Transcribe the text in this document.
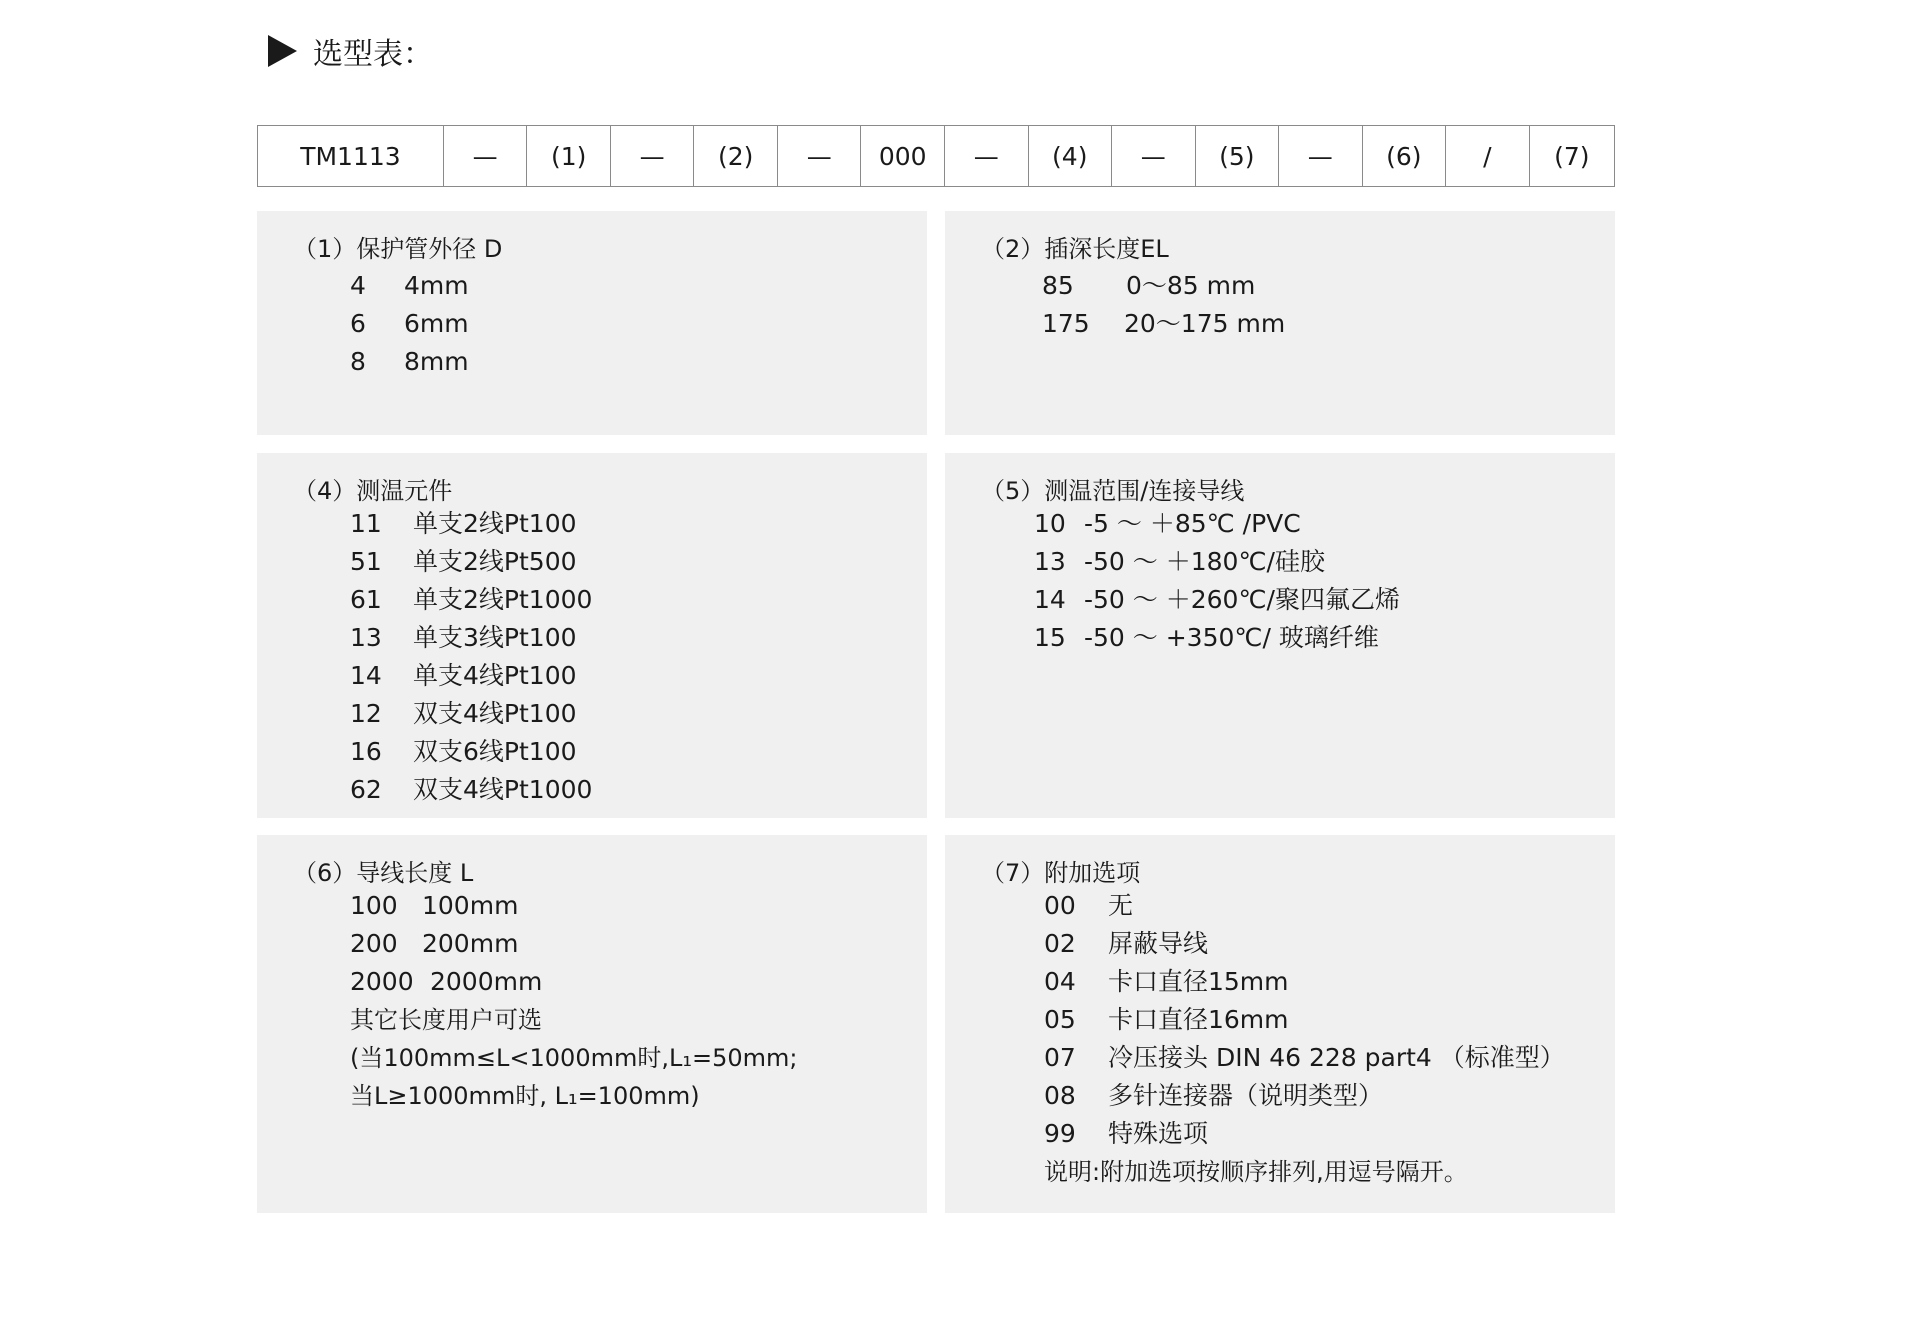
选型表：
TM1113	—	(1)	—	(2)	—	000	—	(4)	—	(5)	—	(6)	/	(7)
（1）保护管外径 D
4 4mm
6 6mm
8 8mm
（2）插深长度EL
85 0～85 mm
175 20～175 mm
（4）测温元件
11 单支2线Pt100
51 单支2线Pt500
61 单支2线Pt1000
13 单支3线Pt100
14 单支4线Pt100
12 双支4线Pt100
16 双支6线Pt100
62 双支4线Pt1000
（5）测温范围/连接导线
10 -5 ～ ＋85℃ /PVC
13 -50 ～ ＋180℃/硅胶
14 -50 ～ ＋260℃/聚四氟乙烯
15 -50 ～ +350℃/ 玻璃纤维
（6）导线长度 L
100 100mm
200 200mm
2000 2000mm
其它长度用户可选
(当100mm≤L<1000mm时,L₁=50mm;
当L≥1000mm时, L₁=100mm)
（7）附加选项
00 无
02 屏蔽导线
04 卡口直径15mm
05 卡口直径16mm
07 冷压接头 DIN 46 228 part4 （标准型）
08 多针连接器（说明类型）
99 特殊选项
说明:附加选项按顺序排列,用逗号隔开。
